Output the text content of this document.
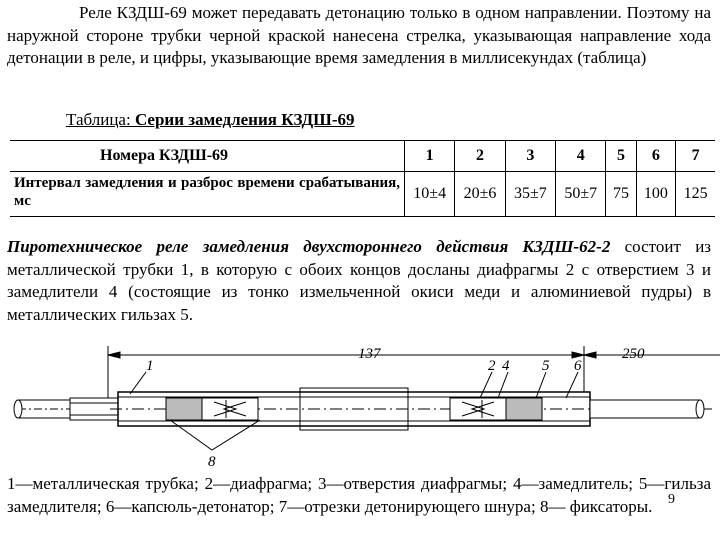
Реле КЗДШ-69 может передавать детонацию только в одном направлении. Поэтому на наружной стороне трубки черной краской нанесена стрелка, указывающая направление хода детонации в реле, и цифры, указывающие время замедления в миллисекундах (таблица)
Таблица: Серии замедления КЗДШ-69
Номера КЗДШ-69	1	2	3	4	5	6	7
Интервал замедления и разброс времени срабатывания, мс	10±4	20±6	35±7	50±7	75	100	125
Пиротехническое реле замедления двухстороннего действия КЗДШ-62-2 состоит из металлической трубки 1, в которую с обоих концов досланы диафрагмы 2 с отверстием 3 и замедлители 4 (состоящие из тонко измельченной окиси меди и алюминиевой пудры) в металлических гильзах 5.
137	250
1	2 4 5 6
8
1—металлическая трубка; 2—диафрагма; 3—отверстия диафрагмы; 4—замедлитель; 5—гильза замедлителя; 6—капсюль-детонатор; 7—отрезки детонирующего шнура; 8— фиксаторы.	9
